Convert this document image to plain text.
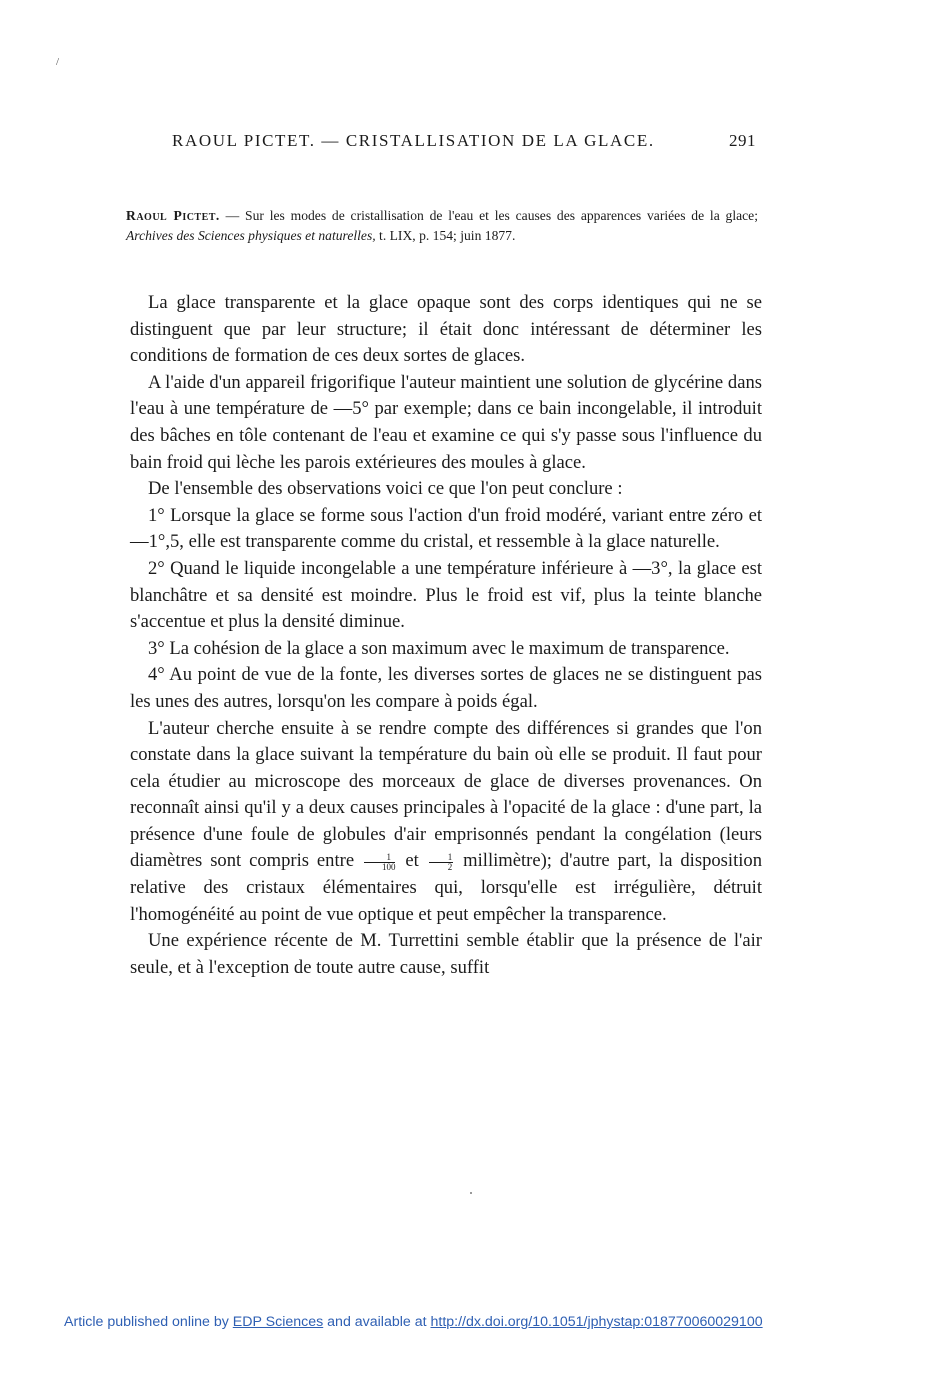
/
RAOUL PICTET. — CRISTALLISATION DE LA GLACE.	291
Raoul Pictet. — Sur les modes de cristallisation de l'eau et les causes des apparences variées de la glace; Archives des Sciences physiques et naturelles, t. LIX, p. 154; juin 1877.

La glace transparente et la glace opaque sont des corps identiques qui ne se distinguent que par leur structure; il était donc intéressant de déterminer les conditions de formation de ces deux sortes de glaces.

A l'aide d'un appareil frigorifique l'auteur maintient une solution de glycérine dans l'eau à une température de —5° par exemple; dans ce bain incongelable, il introduit des bâches en tôle contenant de l'eau et examine ce qui s'y passe sous l'influence du bain froid qui lèche les parois extérieures des moules à glace.

De l'ensemble des observations voici ce que l'on peut conclure :

1° Lorsque la glace se forme sous l'action d'un froid modéré, variant entre zéro et —1°,5, elle est transparente comme du cristal, et ressemble à la glace naturelle.

2° Quand le liquide incongelable a une température inférieure à —3°, la glace est blanchâtre et sa densité est moindre. Plus le froid est vif, plus la teinte blanche s'accentue et plus la densité diminue.

3° La cohésion de la glace a son maximum avec le maximum de transparence.

4° Au point de vue de la fonte, les diverses sortes de glaces ne se distinguent pas les unes des autres, lorsqu'on les compare à poids égal.

L'auteur cherche ensuite à se rendre compte des différences si grandes que l'on constate dans la glace suivant la température du bain où elle se produit. Il faut pour cela étudier au microscope des morceaux de glace de diverses provenances. On reconnaît ainsi qu'il y a deux causes principales à l'opacité de la glace : d'une part, la présence d'une foule de globules d'air emprisonnés pendant la congélation (leurs diamètres sont compris entre $\frac{1}{100}$ et $\frac{1}{2}$ millimètre); d'autre part, la disposition relative des cristaux élémentaires qui, lorsqu'elle est irrégulière, détruit l'homogénéité au point de vue optique et peut empêcher la transparence.

Une expérience récente de M. Turrettini semble établir que la présence de l'air seule, et à l'exception de toute autre cause, suffit

Article published online by EDP Sciences and available at http://dx.doi.org/10.1051/jphystap:018770060029100
